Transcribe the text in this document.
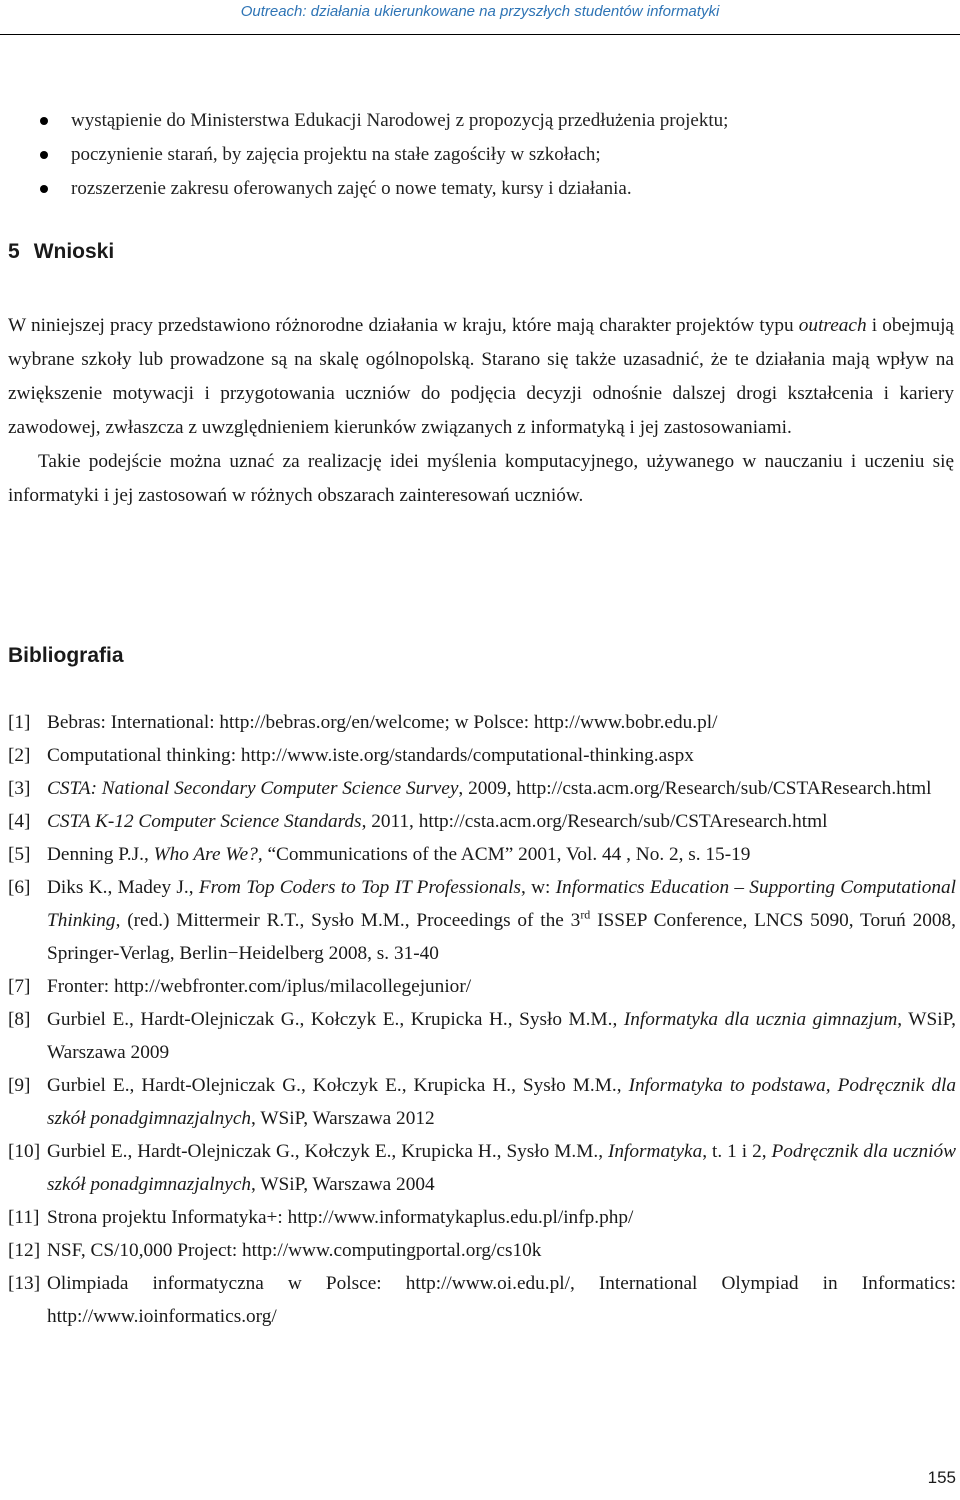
Outreach: działania ukierunkowane na przyszłych studentów informatyki
wystąpienie do Ministerstwa Edukacji Narodowej z propozycją przedłużenia projektu;
poczynienie starań, by zajęcia projektu na stałe zagościły w szkołach;
rozszerzenie zakresu oferowanych zajęć o nowe tematy, kursy i działania.
5 Wnioski

W niniejszej pracy przedstawiono różnorodne działania w kraju, które mają charakter projektów typu outreach i obejmują wybrane szkoły lub prowadzone są na skalę ogólnopolską. Starano się także uzasadnić, że te działania mają wpływ na zwiększenie motywacji i przygotowania uczniów do podjęcia decyzji odnośnie dalszej drogi kształcenia i kariery zawodowej, zwłaszcza z uwzględnieniem kierunków związanych z informatyką i jej zastosowaniami.

Takie podejście można uznać za realizację idei myślenia komputacyjnego, używanego w nauczaniu i uczeniu się informatyki i jej zastosowań w różnych obszarach zainteresowań uczniów.

Bibliografia
[1] Bebras: International: http://bebras.org/en/welcome; w Polsce: http://www.bobr.edu.pl/
[2] Computational thinking: http://www.iste.org/standards/computational-thinking.aspx
[3] CSTA: National Secondary Computer Science Survey, 2009, http://csta.acm.org/Research/sub/CSTAResearch.html
[4] CSTA K-12 Computer Science Standards, 2011, http://csta.acm.org/Research/sub/CSTAresearch.html
[5] Denning P.J., Who Are We?, “Communications of the ACM” 2001, Vol. 44 , No. 2, s. 15-19
[6] Diks K., Madey J., From Top Coders to Top IT Professionals, w: Informatics Education – Supporting Computational Thinking, (red.) Mittermeir R.T., Sysło M.M., Proceedings of the 3rd ISSEP Conference, LNCS 5090, Toruń 2008, Springer-Verlag, Berlin−Heidelberg 2008, s. 31-40
[7] Fronter: http://webfronter.com/iplus/milacollegejunior/
[8] Gurbiel E., Hardt-Olejniczak G., Kołczyk E., Krupicka H., Sysło M.M., Informatyka dla ucznia gimnazjum, WSiP, Warszawa 2009
[9] Gurbiel E., Hardt-Olejniczak G., Kołczyk E., Krupicka H., Sysło M.M., Informatyka to podstawa, Podręcznik dla szkół ponadgimnazjalnych, WSiP, Warszawa 2012
[10] Gurbiel E., Hardt-Olejniczak G., Kołczyk E., Krupicka H., Sysło M.M., Informatyka, t. 1 i 2, Podręcznik dla uczniów szkół ponadgimnazjalnych, WSiP, Warszawa 2004
[11] Strona projektu Informatyka+: http://www.informatykaplus.edu.pl/infp.php/
[12] NSF, CS/10,000 Project: http://www.computingportal.org/cs10k
[13] Olimpiada informatyczna w Polsce: http://www.oi.edu.pl/, International Olympiad in Informatics: http://www.ioinformatics.org/
155
